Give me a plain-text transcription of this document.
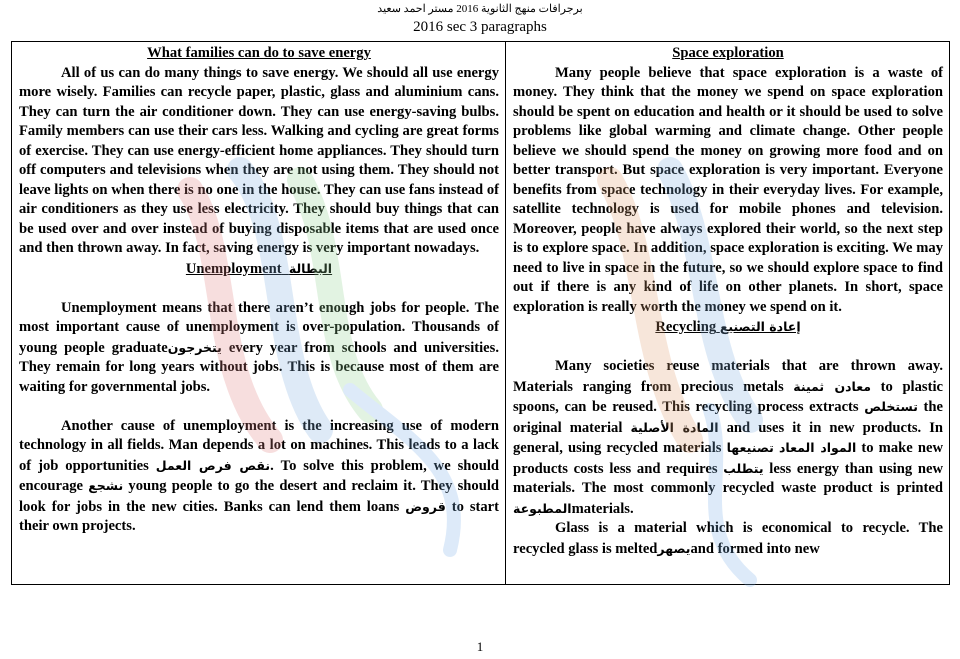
برجرافات منهج الثانوية 2016 مستر احمد سعيد
2016 sec 3 paragraphs
What families can do to save energy

All of us can do many things to save energy. We should all use energy more wisely. Families can recycle paper, plastic, glass and aluminium cans. They can turn the air conditioner down. They can use energy-saving bulbs. Family members can use their cars less. Walking and cycling are great forms of exercise. They can use energy-efficient home appliances. They should turn off computers and televisions when they are not using them. They should not leave lights on when there is no one in the house. They can use fans instead of air conditioners as they use less electricity. They should buy things that can be used over and over instead of buying disposable items that are used once and then thrown away. In fact, saving energy is very important nowadays.

Unemployment البطالة

Unemployment means that there aren’t enough jobs for people. The most important cause of unemployment is over-population. Thousands of young people graduateيتخرجون every year from schools and universities. They remain for long years without jobs. This is because most of them are waiting for governmental jobs.

Another cause of unemployment is the increasing use of modern technology in all fields. Man depends a lot on machines. This leads to a lack of job opportunities نقص فرص العمل. To solve this problem, we should encourage نشجع young people to go the desert and reclaim it. They should look for jobs in the new cities. Banks can lend them loans قروض to start their own projects.

Space exploration

Many people believe that space exploration is a waste of money. They think that the money we spend on space exploration should be spent on education and health or it should be used to solve problems like global warming and climate change. Other people believe we should spend the money on growing more food and on better transport. But space exploration is very important. Everyone benefits from space technology in their everyday lives. For example, satellite technology is used for mobile phones and television. Moreover, people have always explored their world, so the next step is to explore space. In addition, space exploration is exciting. We may need to live in space in the future, so we should explore space to find out if there is any kind of life on other planets. In short, space exploration is really worth the money we spend on it.

Recycling إعادة التصنيع

Many societies reuse materials that are thrown away. Materials ranging from precious metals معادن ثمينة to plastic spoons, can be reused. This recycling process extracts تستخلص the original material المادة الأصلية and uses it in new products. In general, using recycled materials	المواد المعاد تصنيعها	to make new products costs less and requires يتطلب less energy than using new materials. The most commonly recycled waste product is printed المطبوعةmaterials.

Glass is a material which is economical to recycle. The recycled glass is meltedيصهرand formed into new

1
